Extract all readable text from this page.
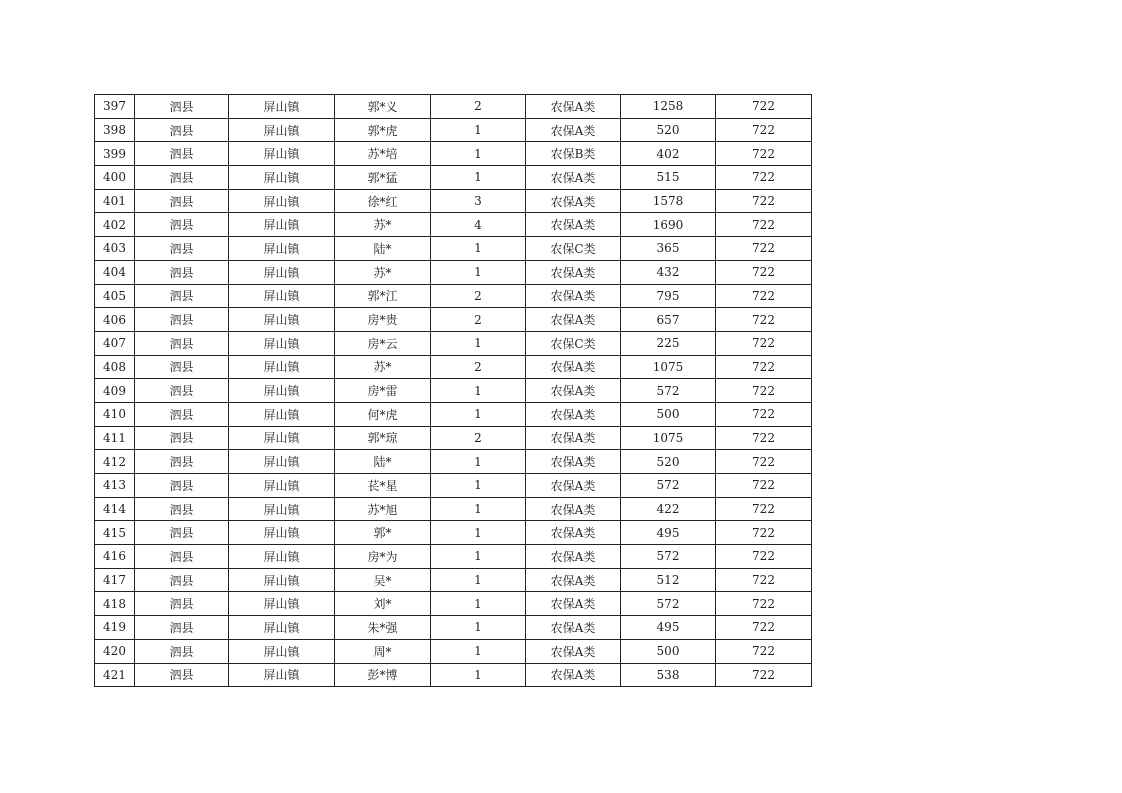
397	泗县	屏山镇	郭*义	2	农保A类	1258	722
398	泗县	屏山镇	郭*虎	1	农保A类	520	722
399	泗县	屏山镇	苏*培	1	农保B类	402	722
400	泗县	屏山镇	郭*猛	1	农保A类	515	722
401	泗县	屏山镇	徐*红	3	农保A类	1578	722
402	泗县	屏山镇	苏*	4	农保A类	1690	722
403	泗县	屏山镇	陆*	1	农保C类	365	722
404	泗县	屏山镇	苏*	1	农保A类	432	722
405	泗县	屏山镇	郭*江	2	农保A类	795	722
406	泗县	屏山镇	房*贵	2	农保A类	657	722
407	泗县	屏山镇	房*云	1	农保C类	225	722
408	泗县	屏山镇	苏*	2	农保A类	1075	722
409	泗县	屏山镇	房*雷	1	农保A类	572	722
410	泗县	屏山镇	何*虎	1	农保A类	500	722
411	泗县	屏山镇	郭*琼	2	农保A类	1075	722
412	泗县	屏山镇	陆*	1	农保A类	520	722
413	泗县	屏山镇	苌*星	1	农保A类	572	722
414	泗县	屏山镇	苏*旭	1	农保A类	422	722
415	泗县	屏山镇	郭*	1	农保A类	495	722
416	泗县	屏山镇	房*为	1	农保A类	572	722
417	泗县	屏山镇	吴*	1	农保A类	512	722
418	泗县	屏山镇	刘*	1	农保A类	572	722
419	泗县	屏山镇	朱*强	1	农保A类	495	722
420	泗县	屏山镇	周*	1	农保A类	500	722
421	泗县	屏山镇	彭*博	1	农保A类	538	722
